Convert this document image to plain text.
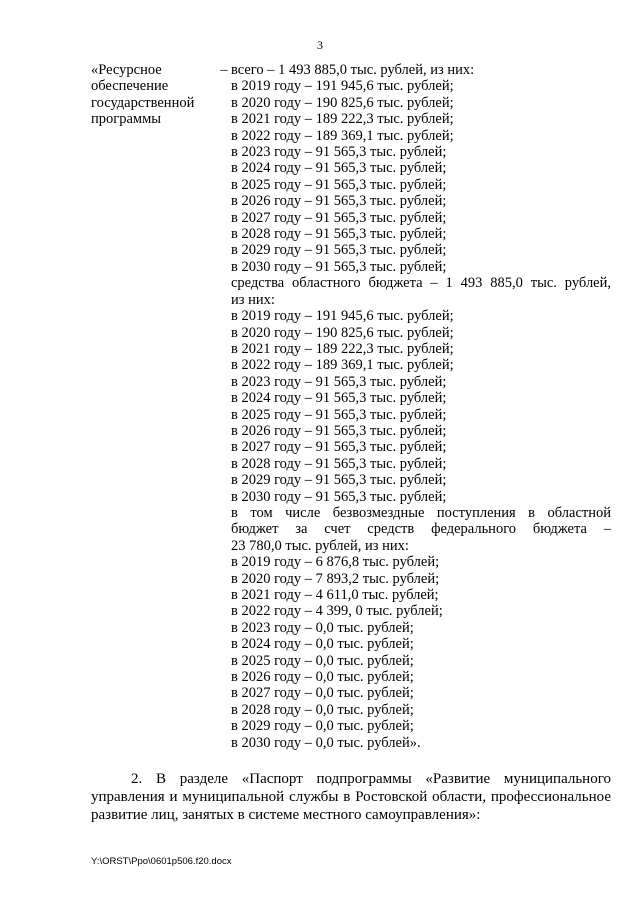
3
«Ресурсное
обеспечение
государственной
программы
– всего – 1 493 885,0 тыс. рублей, из них:
в 2019 году – 191 945,6 тыс. рублей;
в 2020 году – 190 825,6 тыс. рублей;
в 2021 году – 189 222,3 тыс. рублей;
в 2022 году – 189 369,1 тыс. рублей;
в 2023 году – 91 565,3 тыс. рублей;
в 2024 году – 91 565,3 тыс. рублей;
в 2025 году – 91 565,3 тыс. рублей;
в 2026 году – 91 565,3 тыс. рублей;
в 2027 году – 91 565,3 тыс. рублей;
в 2028 году – 91 565,3 тыс. рублей;
в 2029 году – 91 565,3 тыс. рублей;
в 2030 году – 91 565,3 тыс. рублей;
средства областного бюджета – 1 493 885,0 тыс. рублей,
из них:
в 2019 году – 191 945,6 тыс. рублей;
в 2020 году – 190 825,6 тыс. рублей;
в 2021 году – 189 222,3 тыс. рублей;
в 2022 году – 189 369,1 тыс. рублей;
в 2023 году – 91 565,3 тыс. рублей;
в 2024 году – 91 565,3 тыс. рублей;
в 2025 году – 91 565,3 тыс. рублей;
в 2026 году – 91 565,3 тыс. рублей;
в 2027 году – 91 565,3 тыс. рублей;
в 2028 году – 91 565,3 тыс. рублей;
в 2029 году – 91 565,3 тыс. рублей;
в 2030 году – 91 565,3 тыс. рублей;
в том числе безвозмездные поступления в областной
бюджет за счет средств федерального бюджета –
23 780,0 тыс. рублей, из них:
в 2019 году – 6 876,8 тыс. рублей;
в 2020 году – 7 893,2 тыс. рублей;
в 2021 году – 4 611,0 тыс. рублей;
в 2022 году – 4 399, 0 тыс. рублей;
в 2023 году – 0,0 тыс. рублей;
в 2024 году – 0,0 тыс. рублей;
в 2025 году – 0,0 тыс. рублей;
в 2026 году – 0,0 тыс. рублей;
в 2027 году – 0,0 тыс. рублей;
в 2028 году – 0,0 тыс. рублей;
в 2029 году – 0,0 тыс. рублей;
в 2030 году – 0,0 тыс. рублей».
2. В разделе «Паспорт подпрограммы «Развитие муниципального
управления и муниципальной службы в Ростовской области, профессиональное
развитие лиц, занятых в системе местного самоуправления»:
Y:\ORST\Ppo\0601p506.f20.docx
